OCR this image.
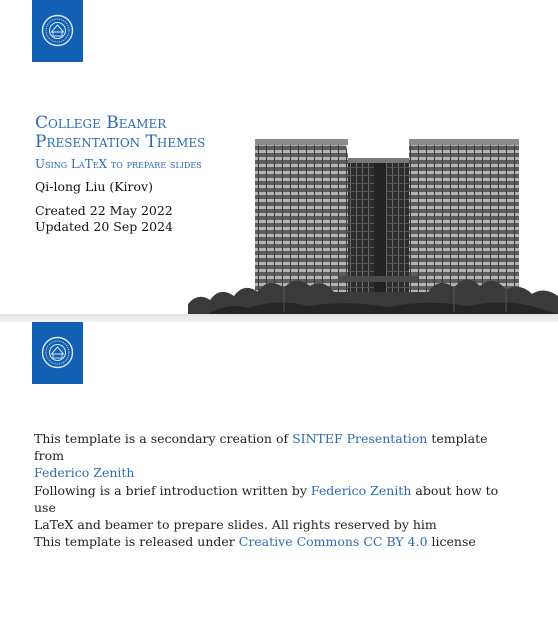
College Beamer
Presentation Themes
Using LaTeX to prepare slides
Qi-long Liu (Kirov)
Created 22 May 2022
Updated 20 Sep 2024
This template is a secondary creation of SINTEF Presentation template from
Federico Zenith
Following is a brief introduction written by Federico Zenith about how to use
LaTeX and beamer to prepare slides. All rights reserved by him
This template is released under Creative Commons CC BY 4.0 license
